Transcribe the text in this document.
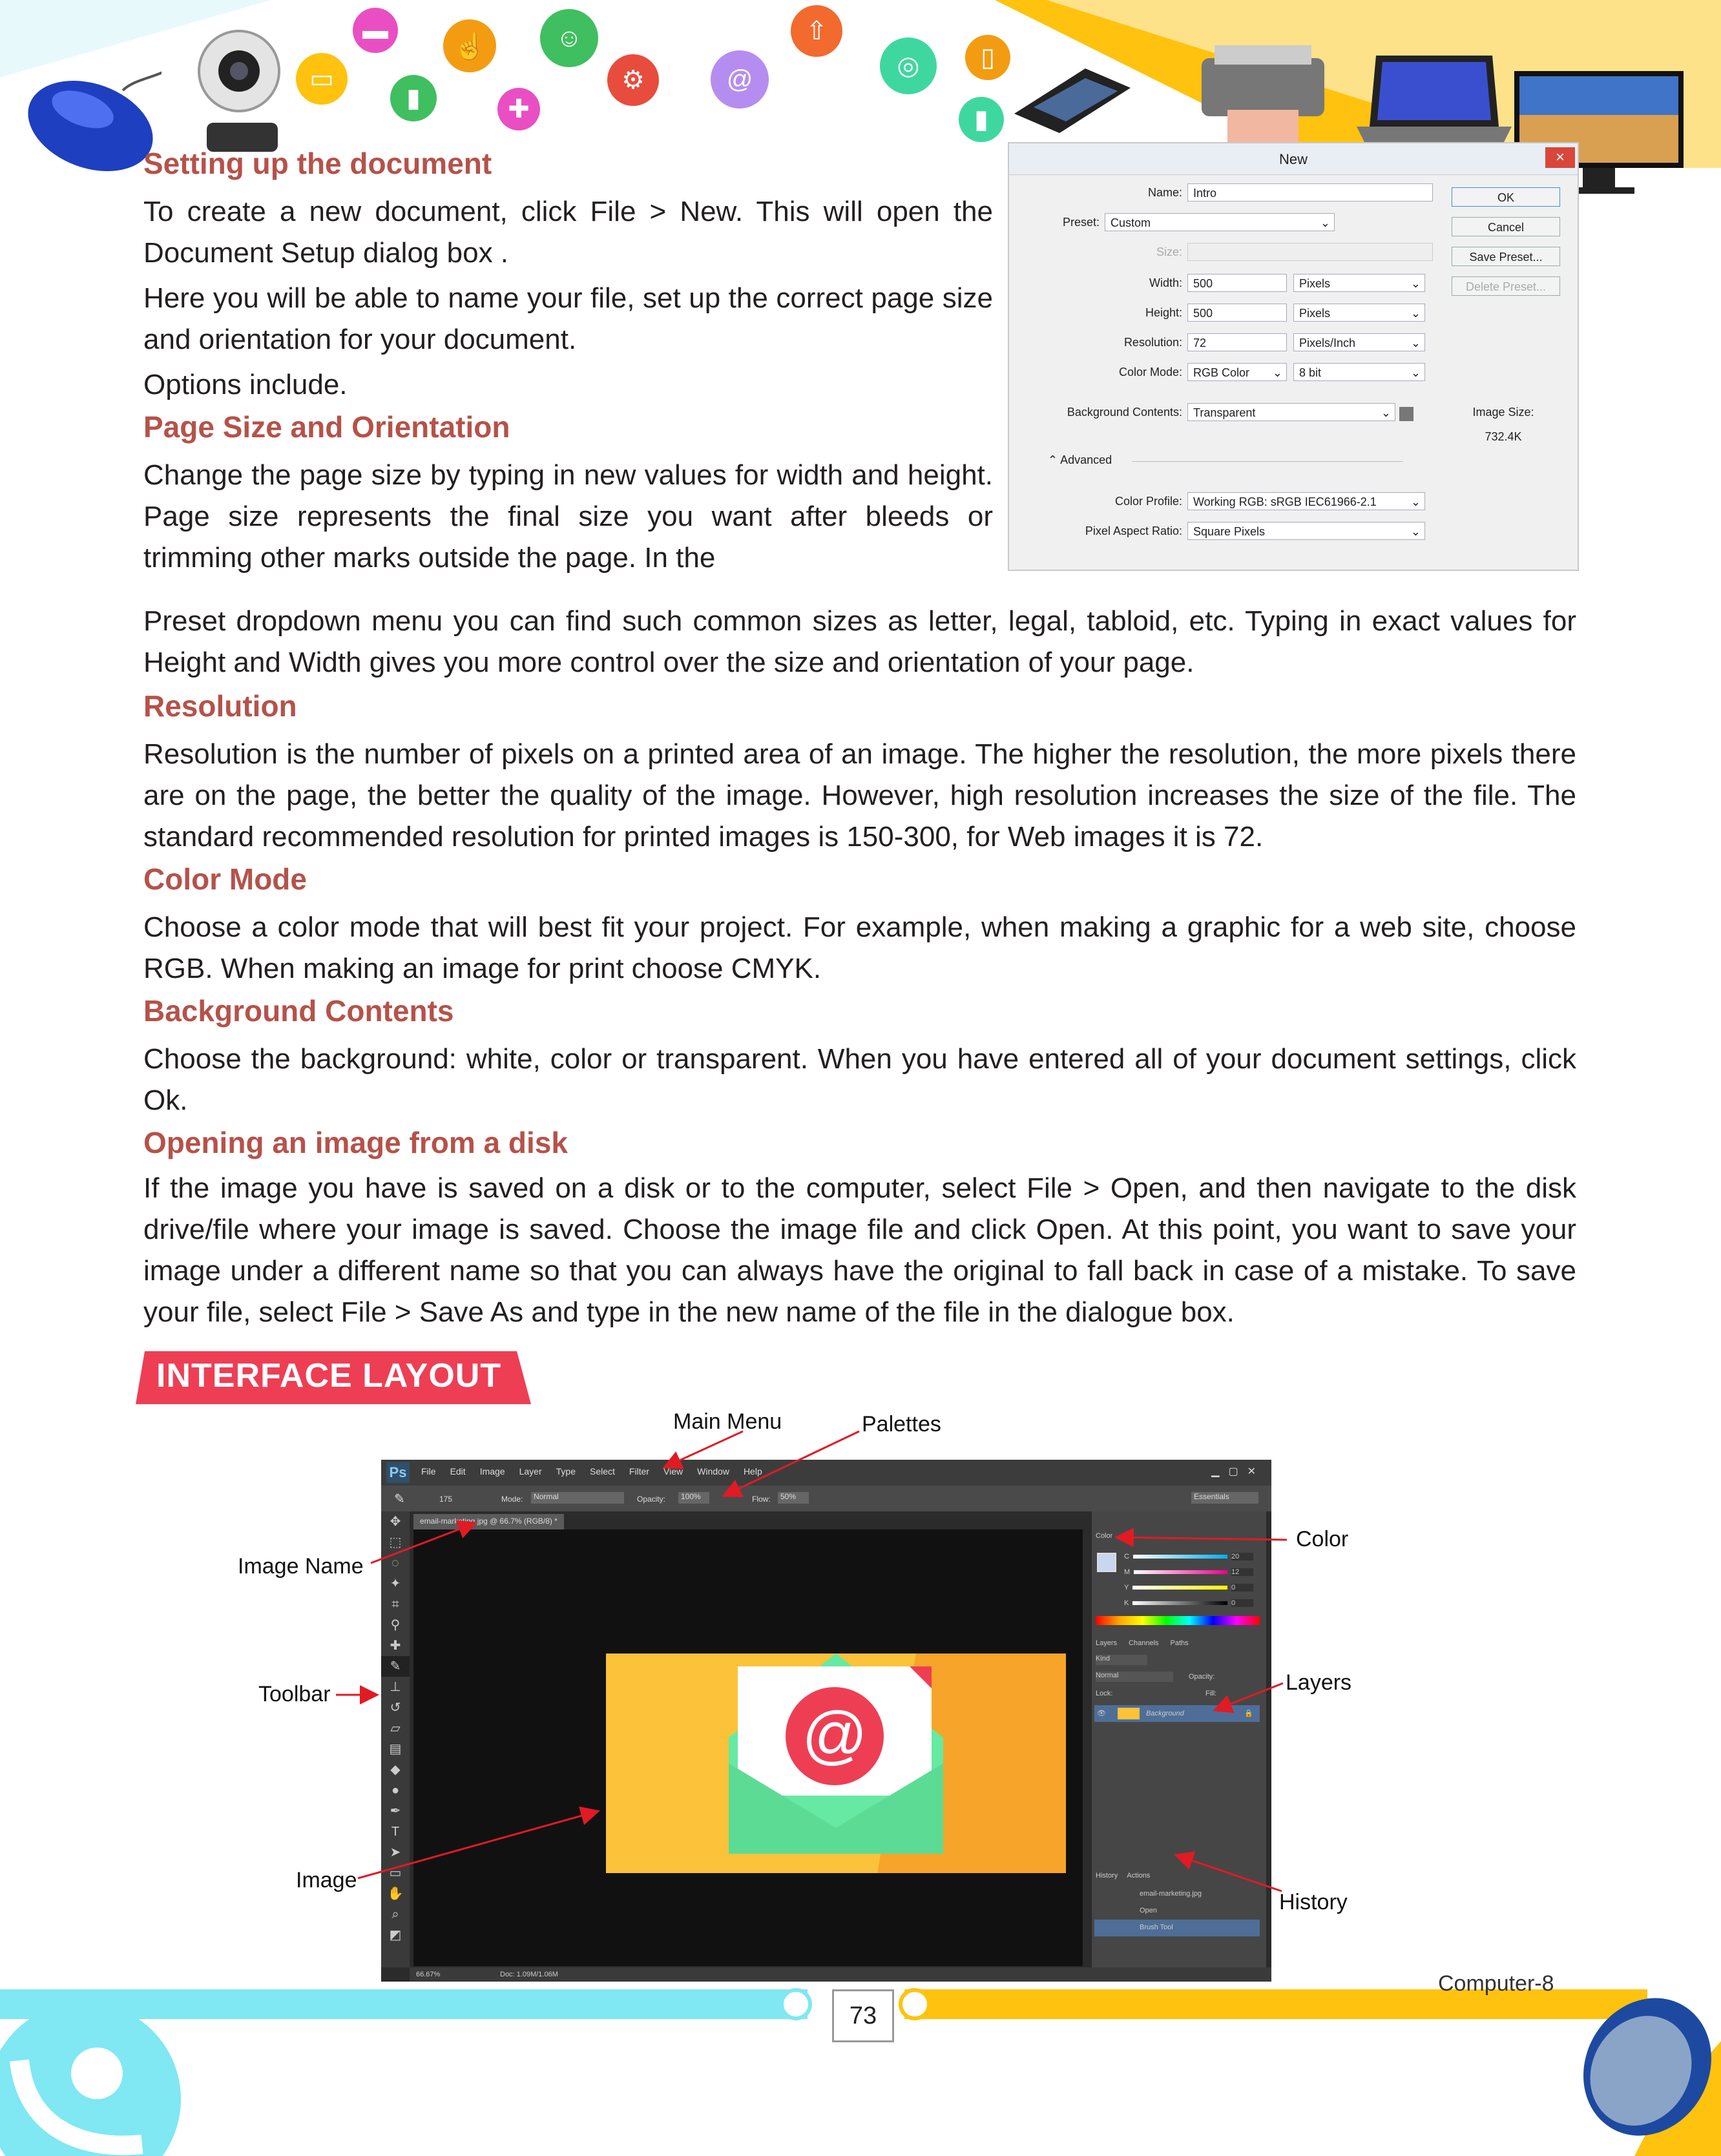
▭
▬
▮
☝
✚
☺
⚙	@
⇧
◎	▯
▮
Setting up the document

To create a new document, click File > New. This will open the Document Setup dialog box .

Here you will be able to name your file, set up the correct page size and orientation for your document.

Options include.

Page Size and Orientation

Change the page size by typing in new values for width and height. Page size represents the final size you want after bleeds or trimming other marks outside the page. In the

Preset dropdown menu you can find such common sizes as letter, legal, tabloid, etc. Typing in exact values for Height and Width gives you more control over the size and orientation of your page.

Resolution

Resolution is the number of pixels on a printed area of an image. The higher the resolution, the more pixels there are on the page, the better the quality of the image. However, high resolution increases the size of the file. The standard recommended resolution for printed images is 150-300, for Web images it is 72.

Color Mode

Choose a color mode that will best fit your project. For example, when making a graphic for a web site, choose RGB. When making an image for print choose CMYK.

Background Contents

Choose the background: white, color or transparent. When you have entered all of your document settings, click Ok.

Opening an image from a disk

If the image you have is saved on a disk or to the computer, select File > Open, and then navigate to the disk drive/file where your image is saved. Choose the image file and click Open. At this point, you want to save your image under a different name so that you can always have the original to fall back in case of a mistake. To save your file, select File > Save As and type in the new name of the file in the dialogue box.

New	×
Name: Intro
Preset: Custom	⌄
Size:
Width: 500	Pixels	⌄
Height: 500	Pixels	⌄
Resolution: 72	Pixels/Inch	⌄
Color Mode: RGB Color ⌄	8 bit	⌄
Background Contents: Transparent	⌄
⌃ Advanced
Color Profile: Working RGB: sRGB IEC61966-2.1	⌄
Pixel Aspect Ratio: Square Pixels	⌄
OK
Cancel
Save Preset...
Delete Preset...
Image Size:
732.4K
INTERFACE LAYOUT
Ps	File Edit Image Layer Type Select Filter View Window Help	▁▢✕
✎	175	Mode:	Normal	Opacity:	100%	Flow:	50%	Essentials
✥
⬚
◌
✦
⌗
⚲
✚
✎
⊥
↺
▱
▤
◆
●
✒
T
➤
▭
✋
⌕
◩
email-marketing.jpg @ 66.7% (RGB/8) *
@
Color
C	20
M	12
Y	0
K	0
Layers Channels Paths
Kind
Normal	Opacity:
Lock:	Fill:
👁	Background	🔒
History Actions
email-marketing.jpg
Open
Brush Tool
66.67%	Doc: 1.09M/1.06M
Main Menu	Palettes
Image Name
Toolbar
Image
Color
Layers
History
73
Computer-8
